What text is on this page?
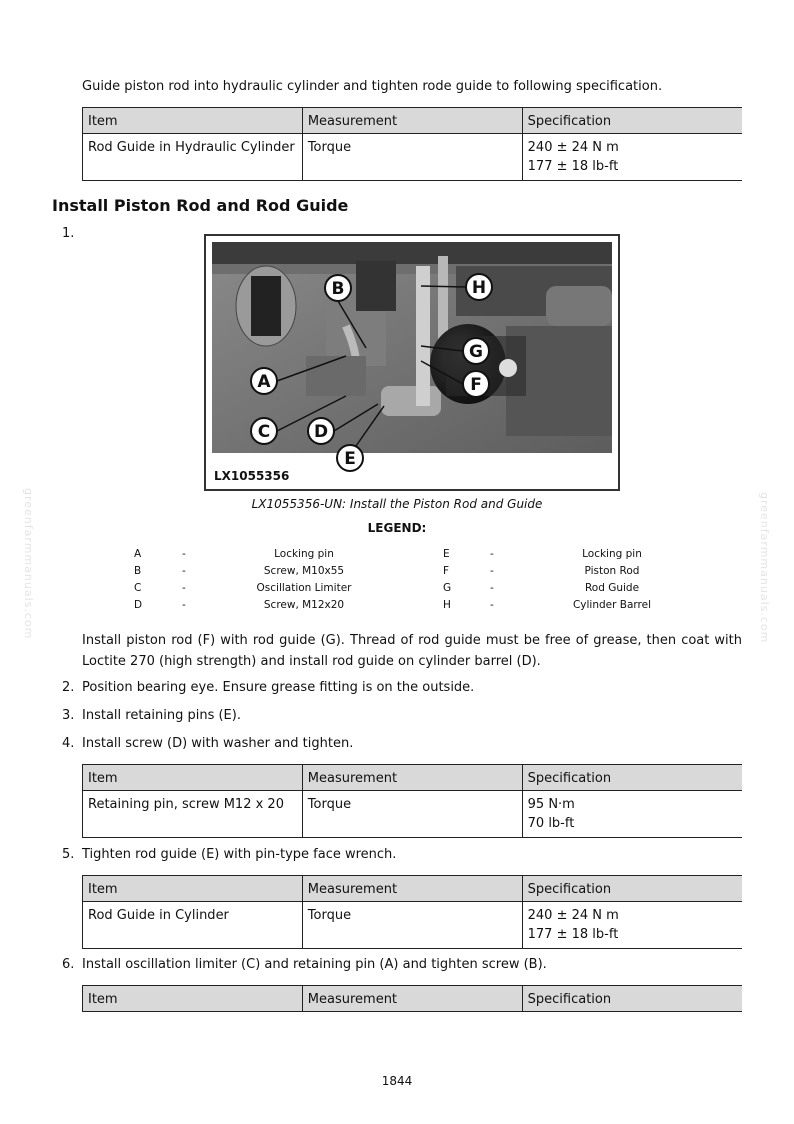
greenfarmmanuals.com	greenfarmmanuals.com
Guide piston rod into hydraulic cylinder and tighten rode guide to following specification.
Item	Measurement	Specification
Rod Guide in Hydraulic Cylinder	Torque	240 ± 24 N m
177 ± 18 lb-ft
Install Piston Rod and Rod Guide
1.
B	H
G
F
A
C	D
E
LX1055356
LX1055356-UN: Install the Piston Rod and Guide
LEGEND:
A	-	Locking pin	E	-	Locking pin
B	-	Screw, M10x55	F	-	Piston Rod
C	-	Oscillation Limiter	G	-	Rod Guide
D	-	Screw, M12x20	H	-	Cylinder Barrel
Install piston rod (F) with rod guide (G). Thread of rod guide must be free of grease, then coat with Loctite 270 (high strength) and install rod guide on cylinder barrel (D).
2. Position bearing eye. Ensure grease fitting is on the outside.
3. Install retaining pins (E).
4. Install screw (D) with washer and tighten.
Item	Measurement	Specification
Retaining pin, screw M12 x 20	Torque	95 N·m
70 lb-ft
5. Tighten rod guide (E) with pin-type face wrench.
Item	Measurement	Specification
Rod Guide in Cylinder	Torque	240 ± 24 N m
177 ± 18 lb-ft
6. Install oscillation limiter (C) and retaining pin (A) and tighten screw (B).
Item	Measurement	Specification
1844
